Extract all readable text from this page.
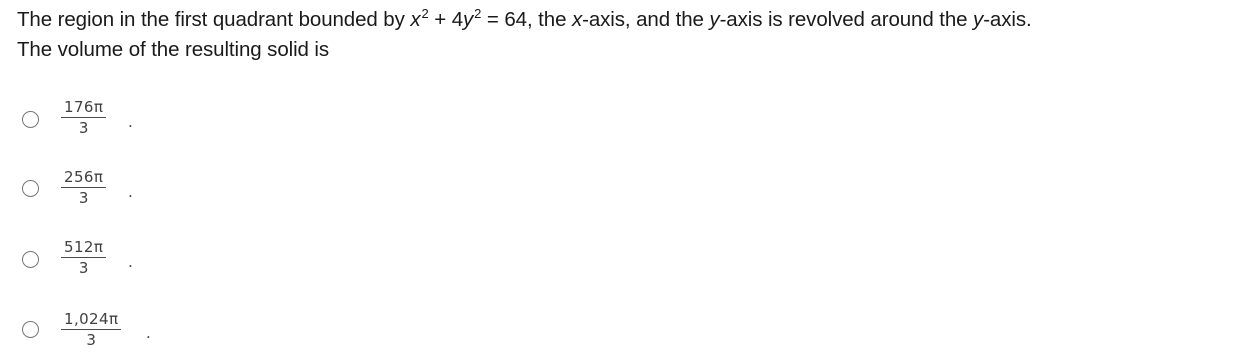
The region in the first quadrant bounded by $x^2 + 4y^2 = 64$, the x-axis, and the y-axis is revolved around the y-axis.
The volume of the resulting solid is
$\frac{176\pi}{3}$ .
$\frac{256\pi}{3}$ .
$\frac{512\pi}{3}$ .
$\frac{1,024\pi}{3}$ .
